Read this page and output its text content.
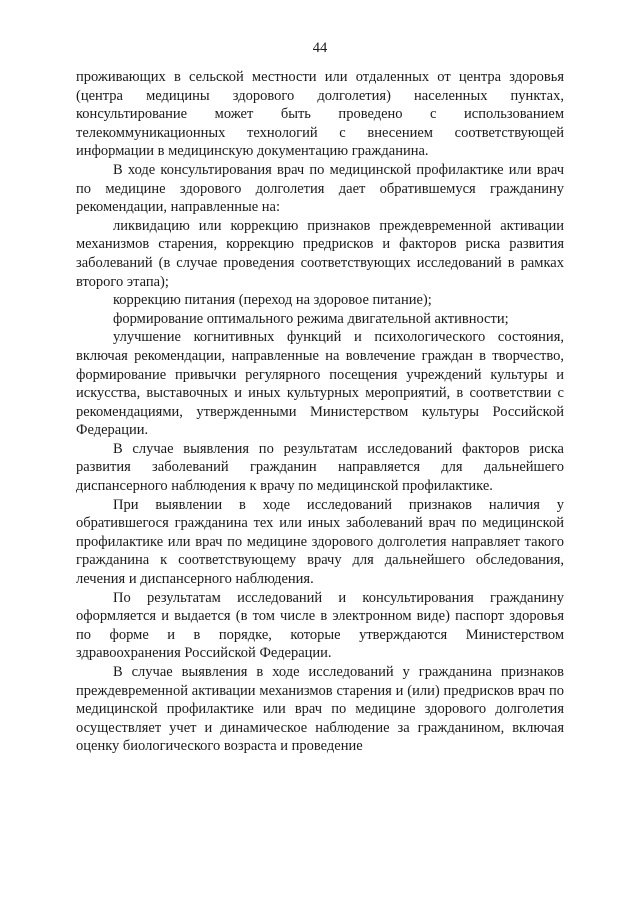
44

проживающих в сельской местности или отдаленных от центра здоровья (центра медицины здорового долголетия) населенных пунктах, консультирование может быть проведено с использованием телекоммуникационных технологий с внесением соответствующей информации в медицинскую документацию гражданина.

В ходе консультирования врач по медицинской профилактике или врач по медицине здорового долголетия дает обратившемуся гражданину рекомендации, направленные на:

ликвидацию или коррекцию признаков преждевременной активации механизмов старения, коррекцию предрисков и факторов риска развития заболеваний (в случае проведения соответствующих исследований в рамках второго этапа);

коррекцию питания (переход на здоровое питание);

формирование оптимального режима двигательной активности;

улучшение когнитивных функций и психологического состояния, включая рекомендации, направленные на вовлечение граждан в творчество, формирование привычки регулярного посещения учреждений культуры и искусства, выставочных и иных культурных мероприятий, в соответствии с рекомендациями, утвержденными Министерством культуры Российской Федерации.

В случае выявления по результатам исследований факторов риска развития заболеваний гражданин направляется для дальнейшего диспансерного наблюдения к врачу по медицинской профилактике.

При выявлении в ходе исследований признаков наличия у обратившегося гражданина тех или иных заболеваний врач по медицинской профилактике или врач по медицине здорового долголетия направляет такого гражданина к соответствующему врачу для дальнейшего обследования, лечения и диспансерного наблюдения.

По результатам исследований и консультирования гражданину оформляется и выдается (в том числе в электронном виде) паспорт здоровья по форме и в порядке, которые утверждаются Министерством здравоохранения Российской Федерации.

В случае выявления в ходе исследований у гражданина признаков преждевременной активации механизмов старения и (или) предрисков врач по медицинской профилактике или врач по медицине здорового долголетия осуществляет учет и динамическое наблюдение за гражданином, включая оценку биологического возраста и проведение
